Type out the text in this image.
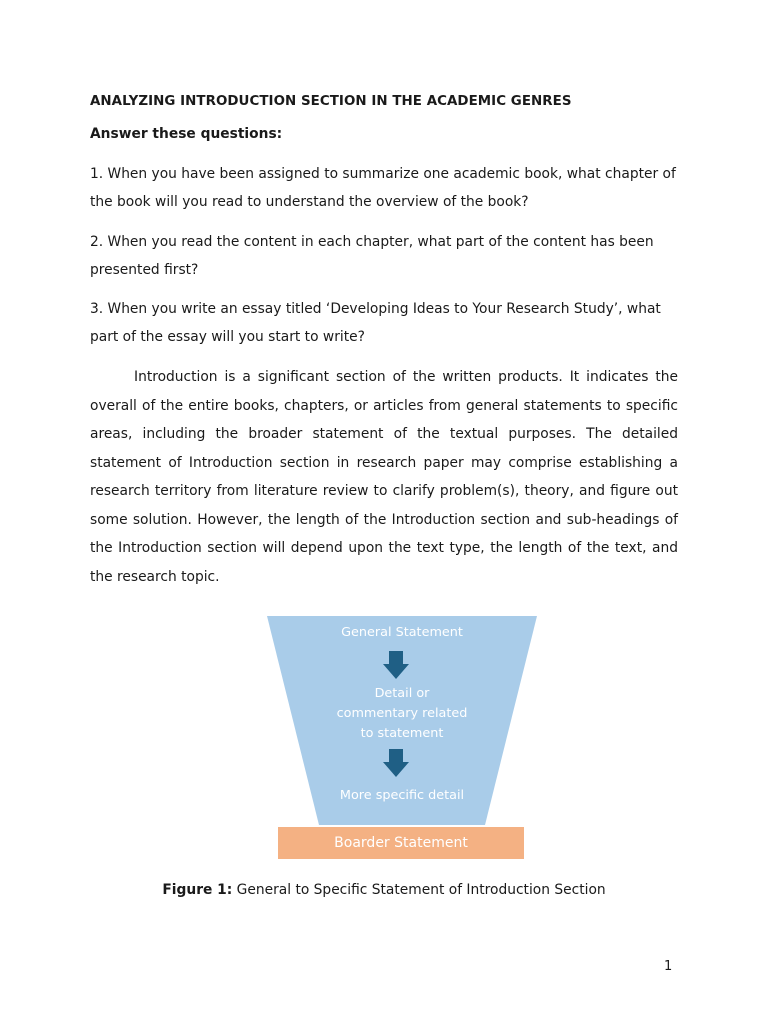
ANALYZING INTRODUCTION SECTION IN THE ACADEMIC GENRES
Answer these questions:
1. When you have been assigned to summarize one academic book, what chapter of the book will you read to understand the overview of the book?
2. When you read the content in each chapter, what part of the content has been presented first?
3. When you write an essay titled ‘Developing Ideas to Your Research Study’, what part of the essay will you start to write?
Introduction is a significant section of the written products. It indicates the overall of the entire books, chapters, or articles from general statements to specific areas, including the broader statement of the textual purposes. The detailed statement of Introduction section in research paper may comprise establishing a research territory from literature review to clarify problem(s), theory, and figure out some solution. However, the length of the Introduction section and sub-headings of the Introduction section will depend upon the text type, the length of the text, and the research topic.
General Statement
Detail or
commentary related
to statement
More specific detail
Boarder Statement
Figure 1: General to Specific Statement of Introduction Section
1
